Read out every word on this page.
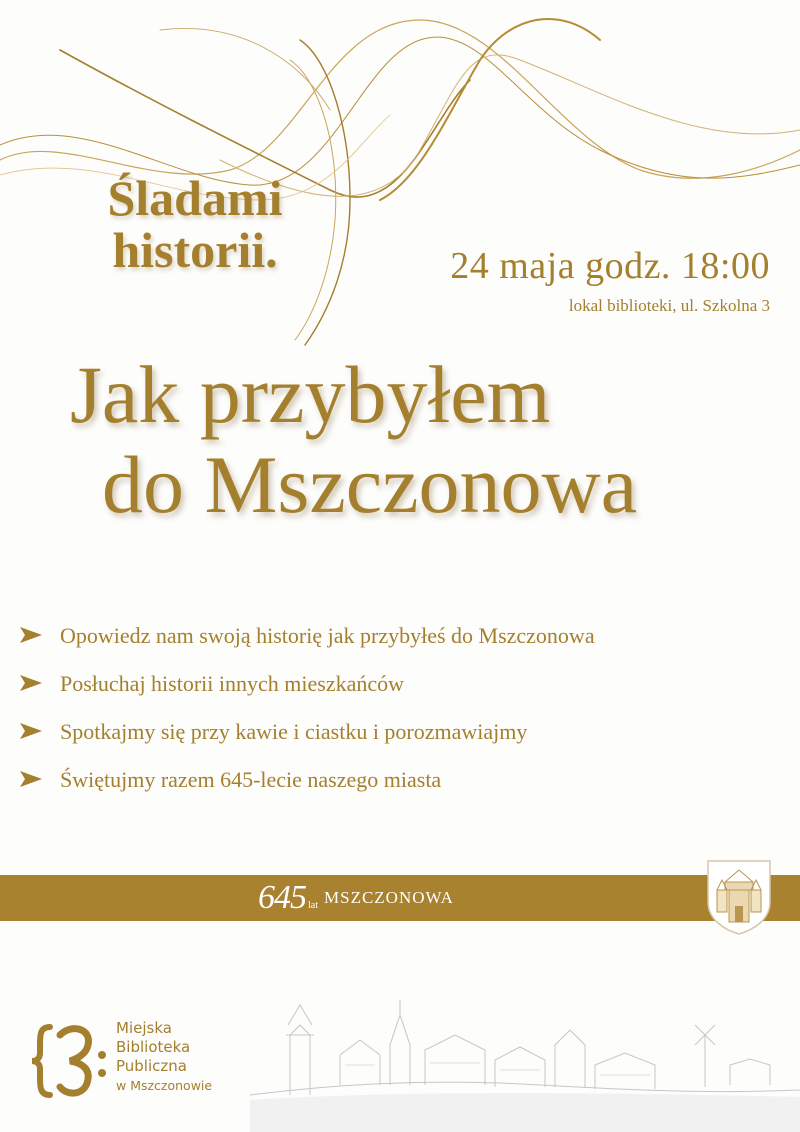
Śladami
historii.	24 maja godz. 18:00
lokal biblioteki, ul. Szkolna 3
Jak przybyłem
do Mszczonowa
Opowiedz nam swoją historię jak przybyłeś do Mszczonowa
Posłuchaj historii innych mieszkańców
Spotkajmy się przy kawie i ciastku i porozmawiajmy
Świętujmy razem 645-lecie naszego miasta
645 lat MSZCZONOWA
Miejska
Biblioteka
Publiczna
w Mszczonowie
